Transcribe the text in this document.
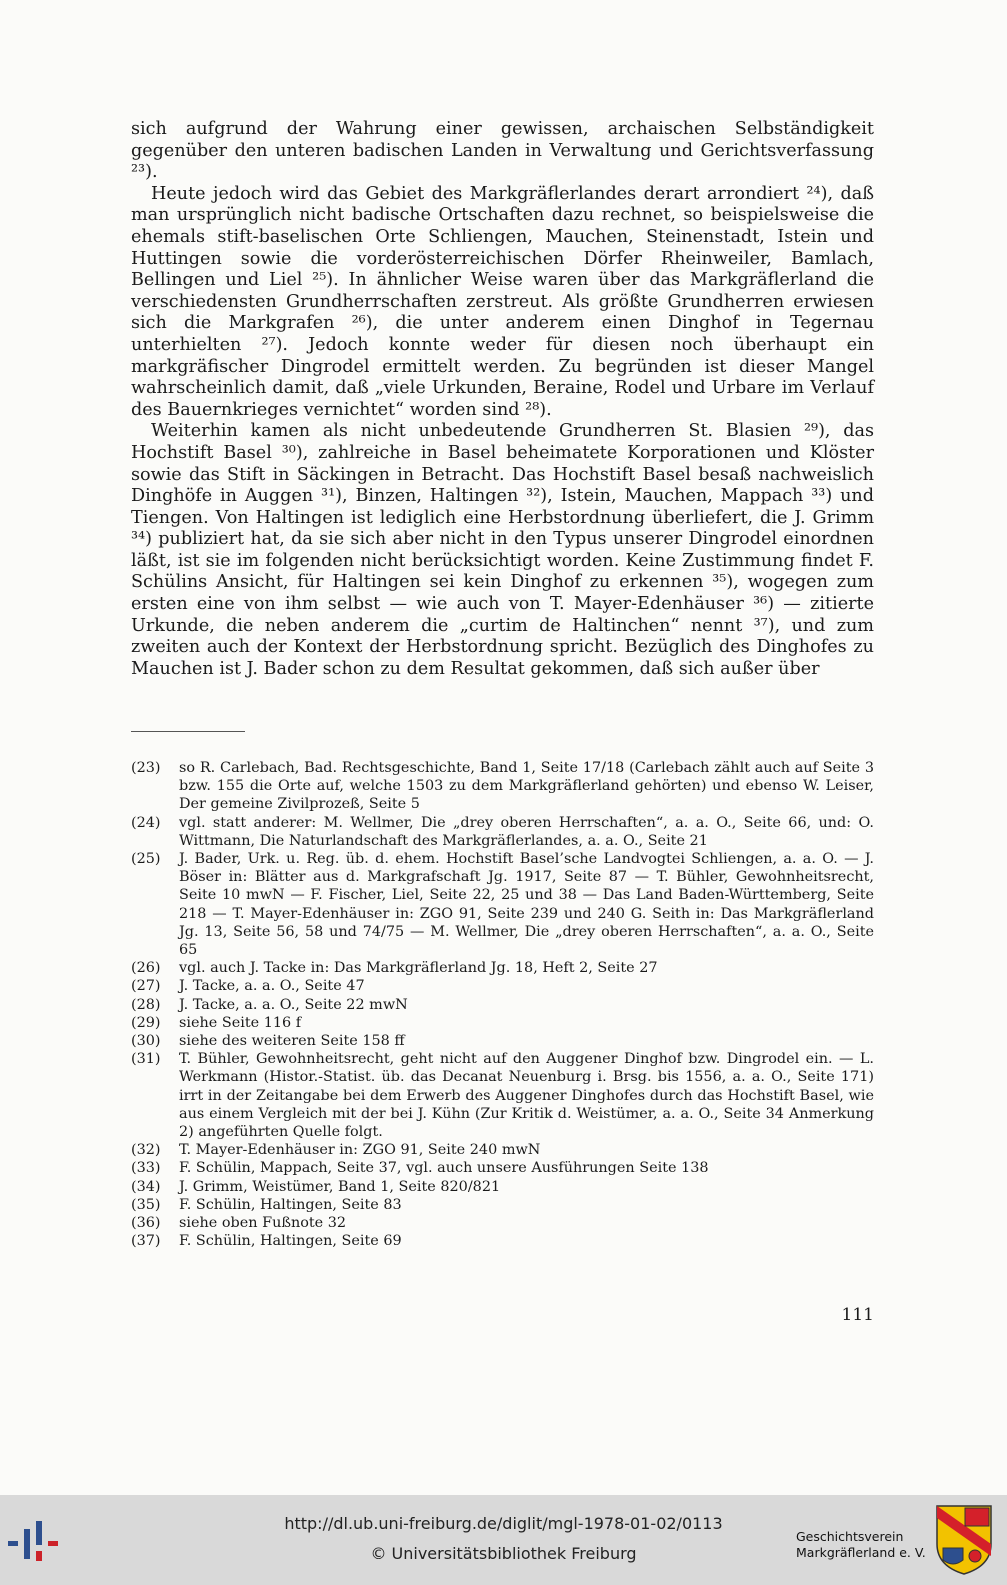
sich aufgrund der Wahrung einer gewissen, archaischen Selbständigkeit gegenüber den unteren badischen Landen in Verwaltung und Gerichtsverfassung ²³).

Heute jedoch wird das Gebiet des Markgräflerlandes derart arrondiert ²⁴), daß man ursprünglich nicht badische Ortschaften dazu rechnet, so beispielsweise die ehemals stift-baselischen Orte Schliengen, Mauchen, Steinenstadt, Istein und Huttingen sowie die vorderösterreichischen Dörfer Rheinweiler, Bamlach, Bellingen und Liel ²⁵). In ähnlicher Weise waren über das Markgräflerland die verschiedensten Grundherrschaften zerstreut. Als größte Grundherren erwiesen sich die Markgrafen ²⁶), die unter anderem einen Dinghof in Tegernau unterhielten ²⁷). Jedoch konnte weder für diesen noch überhaupt ein markgräfischer Dingrodel ermittelt werden. Zu begründen ist dieser Mangel wahrscheinlich damit, daß „viele Urkunden, Beraine, Rodel und Urbare im Verlauf des Bauernkrieges vernichtet“ worden sind ²⁸).

Weiterhin kamen als nicht unbedeutende Grundherren St. Blasien ²⁹), das Hochstift Basel ³⁰), zahlreiche in Basel beheimatete Korporationen und Klöster sowie das Stift in Säckingen in Betracht. Das Hochstift Basel besaß nachweislich Dinghöfe in Auggen ³¹), Binzen, Haltingen ³²), Istein, Mauchen, Mappach ³³) und Tiengen. Von Haltingen ist lediglich eine Herbstordnung überliefert, die J. Grimm ³⁴) publiziert hat, da sie sich aber nicht in den Typus unserer Dingrodel einordnen läßt, ist sie im folgenden nicht berücksichtigt worden. Keine Zustimmung findet F. Schülins Ansicht, für Haltingen sei kein Dinghof zu erkennen ³⁵), wogegen zum ersten eine von ihm selbst — wie auch von T. Mayer-Edenhäuser ³⁶) — zitierte Urkunde, die neben anderem die „curtim de Haltinchen“ nennt ³⁷), und zum zweiten auch der Kontext der Herbstordnung spricht. Bezüglich des Dinghofes zu Mauchen ist J. Bader schon zu dem Resultat gekommen, daß sich außer über

(23)	so R. Carlebach, Bad. Rechtsgeschichte, Band 1, Seite 17/18 (Carlebach zählt auch auf Seite 3 bzw. 155 die Orte auf, welche 1503 zu dem Markgräflerland gehörten) und ebenso W. Leiser, Der gemeine Zivilprozeß, Seite 5
(24)	vgl. statt anderer: M. Wellmer, Die „drey oberen Herrschaften“, a. a. O., Seite 66, und: O. Wittmann, Die Naturlandschaft des Markgräflerlandes, a. a. O., Seite 21
(25)	J. Bader, Urk. u. Reg. üb. d. ehem. Hochstift Basel’sche Landvogtei Schliengen, a. a. O. — J. Böser in: Blätter aus d. Markgrafschaft Jg. 1917, Seite 87 — T. Bühler, Gewohnheitsrecht, Seite 10 mwN — F. Fischer, Liel, Seite 22, 25 und 38 — Das Land Baden-Württemberg, Seite 218 — T. Mayer-Edenhäuser in: ZGO 91, Seite 239 und 240 G. Seith in: Das Markgräflerland Jg. 13, Seite 56, 58 und 74/75 — M. Wellmer, Die „drey oberen Herrschaften“, a. a. O., Seite 65
(26)	vgl. auch J. Tacke in: Das Markgräflerland Jg. 18, Heft 2, Seite 27
(27)	J. Tacke, a. a. O., Seite 47
(28)	J. Tacke, a. a. O., Seite 22 mwN
(29)	siehe Seite 116 f
(30)	siehe des weiteren Seite 158 ff
(31)	T. Bühler, Gewohnheitsrecht, geht nicht auf den Auggener Dinghof bzw. Dingrodel ein. — L. Werkmann (Histor.-Statist. üb. das Decanat Neuenburg i. Brsg. bis 1556, a. a. O., Seite 171) irrt in der Zeitangabe bei dem Erwerb des Auggener Dinghofes durch das Hochstift Basel, wie aus einem Vergleich mit der bei J. Kühn (Zur Kritik d. Weistümer, a. a. O., Seite 34 Anmerkung 2) angeführten Quelle folgt.
(32)	T. Mayer-Edenhäuser in: ZGO 91, Seite 240 mwN
(33)	F. Schülin, Mappach, Seite 37, vgl. auch unsere Ausführungen Seite 138
(34)	J. Grimm, Weistümer, Band 1, Seite 820/821
(35)	F. Schülin, Haltingen, Seite 83
(36)	siehe oben Fußnote 32
(37)	F. Schülin, Haltingen, Seite 69
111
http://dl.ub.uni-freiburg.de/diglit/mgl-1978-01-02/0113
© Universitätsbibliothek Freiburg
Geschichtsverein
Markgräflerland e. V.
